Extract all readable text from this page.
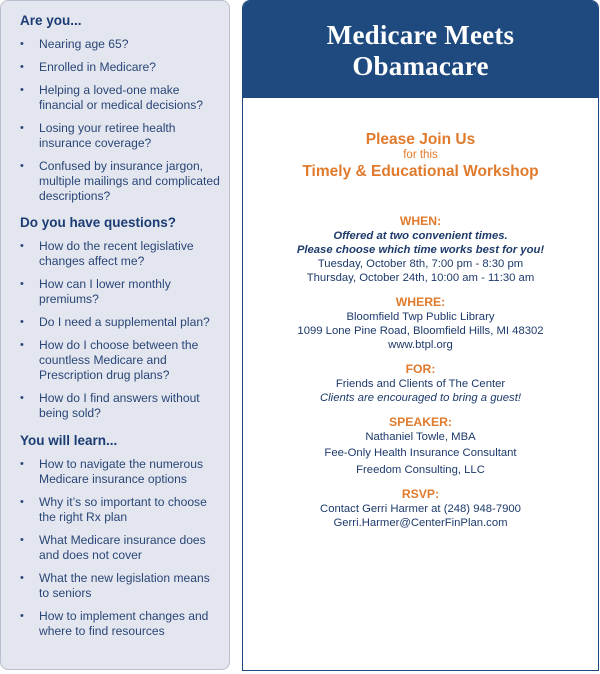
Are you...
• Nearing age 65?
• Enrolled in Medicare?
• Helping a loved-one make financial or medical decisions?
• Losing your retiree health insurance coverage?
• Confused by insurance jargon, multiple mailings and complicated descriptions?
Do you have questions?
• How do the recent legislative changes affect me?
• How can I lower monthly premiums?
• Do I need a supplemental plan?
• How do I choose between the countless Medicare and Prescription drug plans?
• How do I find answers without being sold?
You will learn...
• How to navigate the numerous Medicare insurance options
• Why it’s so important to choose the right Rx plan
• What Medicare insurance does and does not cover
• What the new legislation means to seniors
• How to implement changes and where to find resources
Medicare Meets
Obamacare
Please Join Us
for this
Timely & Educational Workshop
WHEN:
Offered at two convenient times.
Please choose which time works best for you!
Tuesday, October 8th, 7:00 pm - 8:30 pm
Thursday, October 24th, 10:00 am - 11:30 am
WHERE:
Bloomfield Twp Public Library
1099 Lone Pine Road, Bloomfield Hills, MI 48302
www.btpl.org
FOR:
Friends and Clients of The Center
Clients are encouraged to bring a guest!
SPEAKER:
Nathaniel Towle, MBA
Fee-Only Health Insurance Consultant
Freedom Consulting, LLC
RSVP:
Contact Gerri Harmer at (248) 948-7900
Gerri.Harmer@CenterFinPlan.com
